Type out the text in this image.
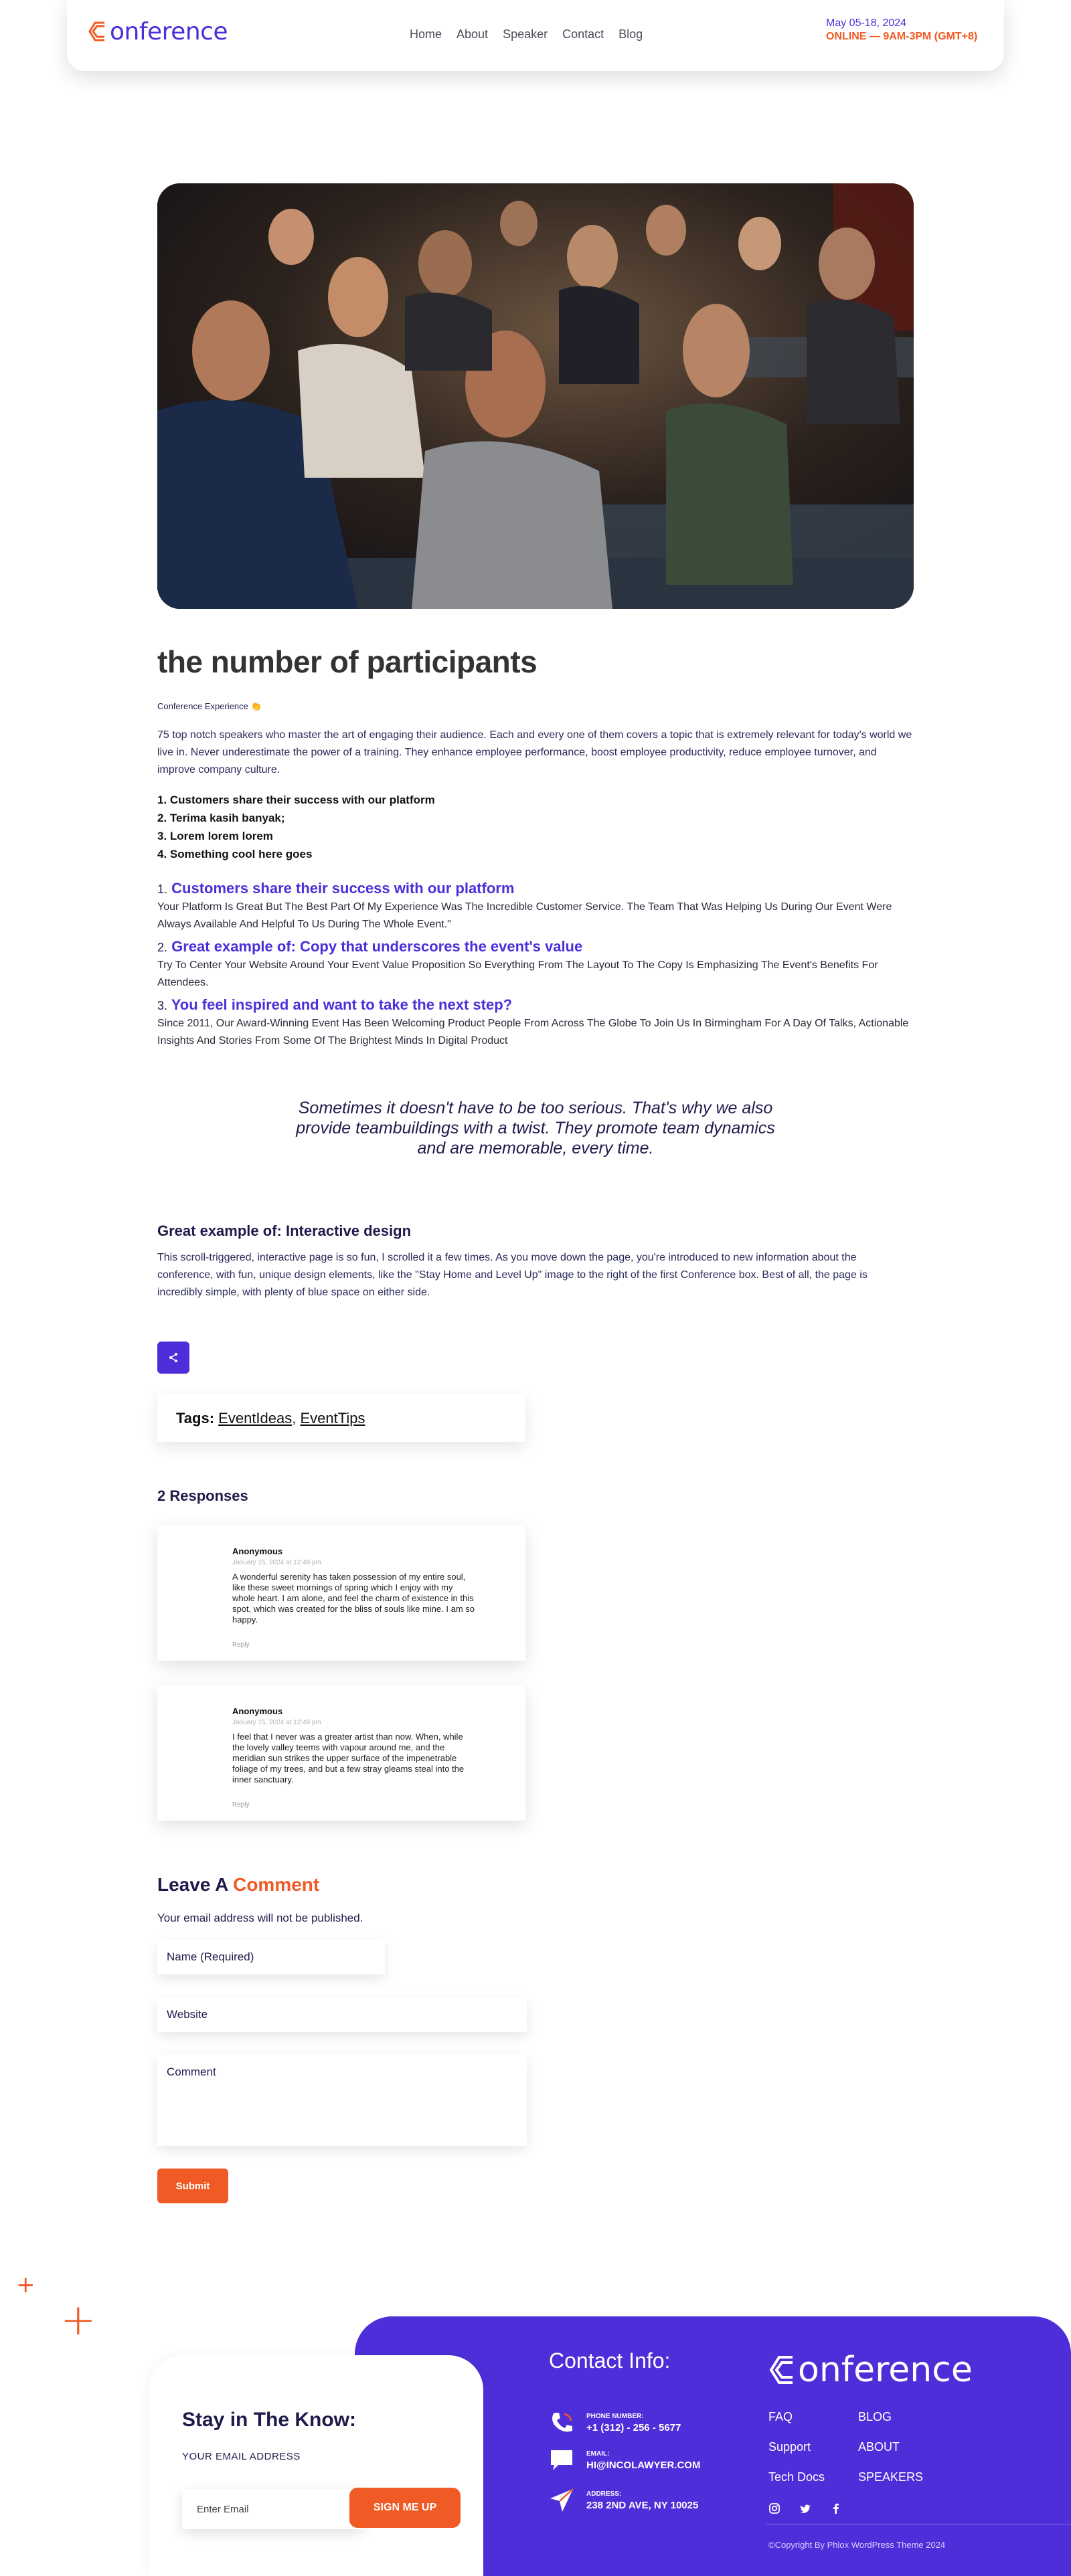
onference	Home About Speaker Contact Blog
May 05-18, 2024
ONLINE — 9AM-3PM (GMT+8)
the number of participants
Conference Experience 👏

75 top notch speakers who master the art of engaging their audience. Each and every one of them covers a topic that is extremely relevant for today's world we live in. Never underestimate the power of a training. They enhance employee performance, boost employee productivity, reduce employee turnover, and improve company culture.

1. Customers share their success with our platform
2. Terima kasih banyak;
3. Lorem lorem lorem
4. Something cool here goes
1. Customers share their success with our platform
Your Platform Is Great But The Best Part Of My Experience Was The Incredible Customer Service. The Team That Was Helping Us During Our Event Were Always Available And Helpful To Us During The Whole Event."
2. Great example of: Copy that underscores the event's value
Try To Center Your Website Around Your Event Value Proposition So Everything From The Layout To The Copy Is Emphasizing The Event's Benefits For Attendees.
3. You feel inspired and want to take the next step?
Since 2011, Our Award-Winning Event Has Been Welcoming Product People From Across The Globe To Join Us In Birmingham For A Day Of Talks, Actionable Insights And Stories From Some Of The Brightest Minds In Digital Product
Sometimes it doesn't have to be too serious. That's why we also provide teambuildings with a twist. They promote team dynamics and are memorable, every time.
Great example of: Interactive design

This scroll-triggered, interactive page is so fun, I scrolled it a few times. As you move down the page, you're introduced to new information about the conference, with fun, unique design elements, like the "Stay Home and Level Up" image to the right of the first Conference box. Best of all, the page is incredibly simple, with plenty of blue space on either side.

Tags: EventIdeas, EventTips
2 Responses
Anonymous
January 15, 2024 at 12:49 pm
A wonderful serenity has taken possession of my entire soul, like these sweet mornings of spring which I enjoy with my whole heart. I am alone, and feel the charm of existence in this spot, which was created for the bliss of souls like mine. I am so happy.
Reply
Anonymous
January 15, 2024 at 12:49 pm
I feel that I never was a greater artist than now. When, while the lovely valley teems with vapour around me, and the meridian sun strikes the upper surface of the impenetrable foliage of my trees, and but a few stray gleams steal into the inner sanctuary.
Reply
Leave A Comment

Your email address will not be published.

Name (Required)
Website
Comment
Submit
+
+
Contact Info:
PHONE NUMBER:
+1 (312) - 256 - 5677
EMAIL:
HI@INCOLAWYER.COM
ADDRESS:
238 2ND AVE, NY 10025
onference
FAQ	BLOG
Support	ABOUT
Tech Docs	SPEAKERS
©Copyright By Phlox WordPress Theme 2024
Stay in The Know:
YOUR EMAIL ADDRESS
Enter Email	SIGN ME UP
